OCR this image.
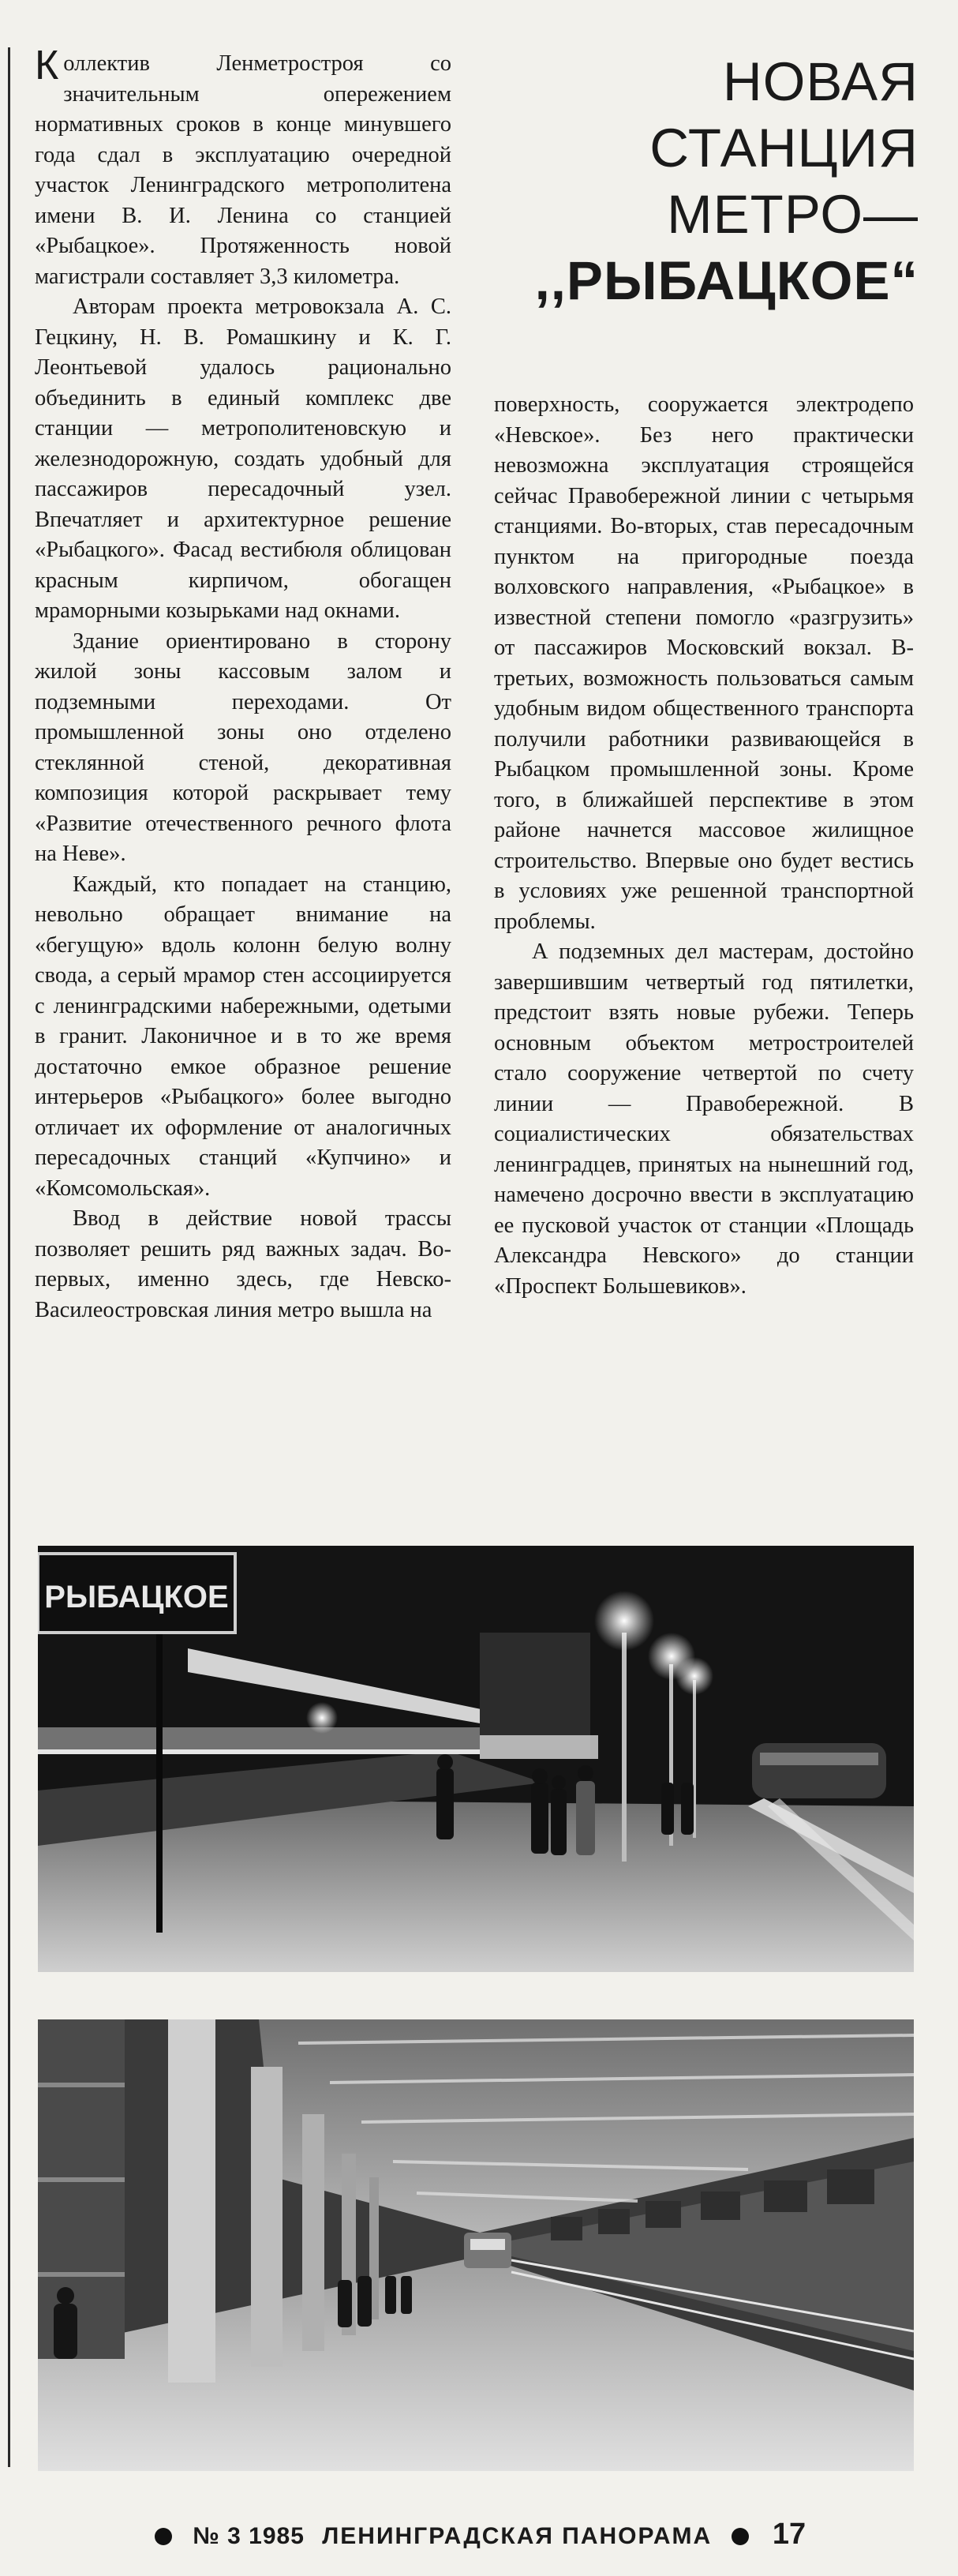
НОВАЯ
СТАНЦИЯ
МЕТРО—
,,РЫБАЦКОЕ“

Коллектив Ленметростроя со значительным опережением нормативных сроков в конце минувшего года сдал в эксплуатацию очередной участок Ленинградского метрополитена имени В. И. Ленина со станцией «Рыбацкое». Протяженность новой магистрали составляет 3,3 километра.

Авторам проекта метровокзала А. С. Гецкину, Н. В. Ромашкину и К. Г. Леонтьевой удалось рационально объединить в единый комплекс две станции — метрополитеновскую и железнодорожную, создать удобный для пассажиров пересадочный узел. Впечатляет и архитектурное решение «Рыбацкого». Фасад вестибюля облицован красным кирпичом, обогащен мраморными козырьками над окнами.

Здание ориентировано в сторону жилой зоны кассовым залом и подземными переходами. От промышленной зоны оно отделено стеклянной стеной, декоративная композиция которой раскрывает тему «Развитие отечественного речного флота на Неве».

Каждый, кто попадает на станцию, невольно обращает внимание на «бегущую» вдоль колонн белую волну свода, а серый мрамор стен ассоциируется с ленинградскими набережными, одетыми в гранит. Лаконичное и в то же время достаточно емкое образное решение интерьеров «Рыбацкого» более выгодно отличает их оформление от аналогичных пересадочных станций «Купчино» и «Комсомольская».

Ввод в действие новой трассы позволяет решить ряд важных задач. Во-первых, именно здесь, где Невско-Василеостровская линия метро вышла на

поверхность, сооружается электродепо «Невское». Без него практически невозможна эксплуатация строящейся сейчас Правобережной линии с четырьмя станциями. Во-вторых, став пересадочным пунктом на пригородные поезда волховского направления, «Рыбацкое» в известной степени помогло «разгрузить» от пассажиров Московский вокзал. В-третьих, возможность пользоваться самым удобным видом общественного транспорта получили работники развивающейся в Рыбацком промышленной зоны. Кроме того, в ближайшей перспективе в этом районе начнется массовое жилищное строительство. Впервые оно будет вестись в условиях уже решенной транспортной проблемы.

А подземных дел мастерам, достойно завершившим четвертый год пятилетки, предстоит взять новые рубежи. Теперь основным объектом метростроителей стало сооружение четвертой по счету линии — Правобережной. В социалистических обязательствах ленинградцев, принятых на нынешний год, намечено досрочно ввести в эксплуатацию ее пусковой участок от станции «Площадь Александра Невского» до станции «Проспект Большевиков».

РЫБАЦКОЕ
№ 3 1985 ЛЕНИНГРАДСКАЯ ПАНОРАМА 17
